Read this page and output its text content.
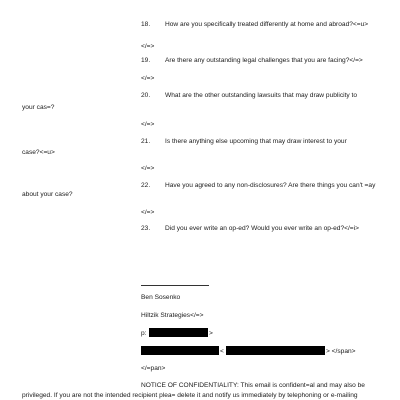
18.	How are you specifically treated differently at home and abroad?<=u>
</=>
19.	Are there any outstanding legal challenges that you are facing?</=>
</=>
20.	What are the other outstanding lawsuits that may draw publicity to
your cas=?
</=>
21.	Is there anything else upcoming that may draw interest to your
case?<=u>
</=>
22.	Have you agreed to any non-disclosures? Are there things you can't =ay
about your case?
</=>
23.	Did you ever write an op-ed? Would you ever write an op-ed?</=i>
Ben Sosenko
Hiltzik Strategies</=>
p:	>
<	> </span>
</=pan>
NOTICE OF CONFIDENTIALITY: This email is confident=al and may also be
privileged. If you are not the intended recipient plea= delete it and notify us immediately by telephoning or e-mailing
